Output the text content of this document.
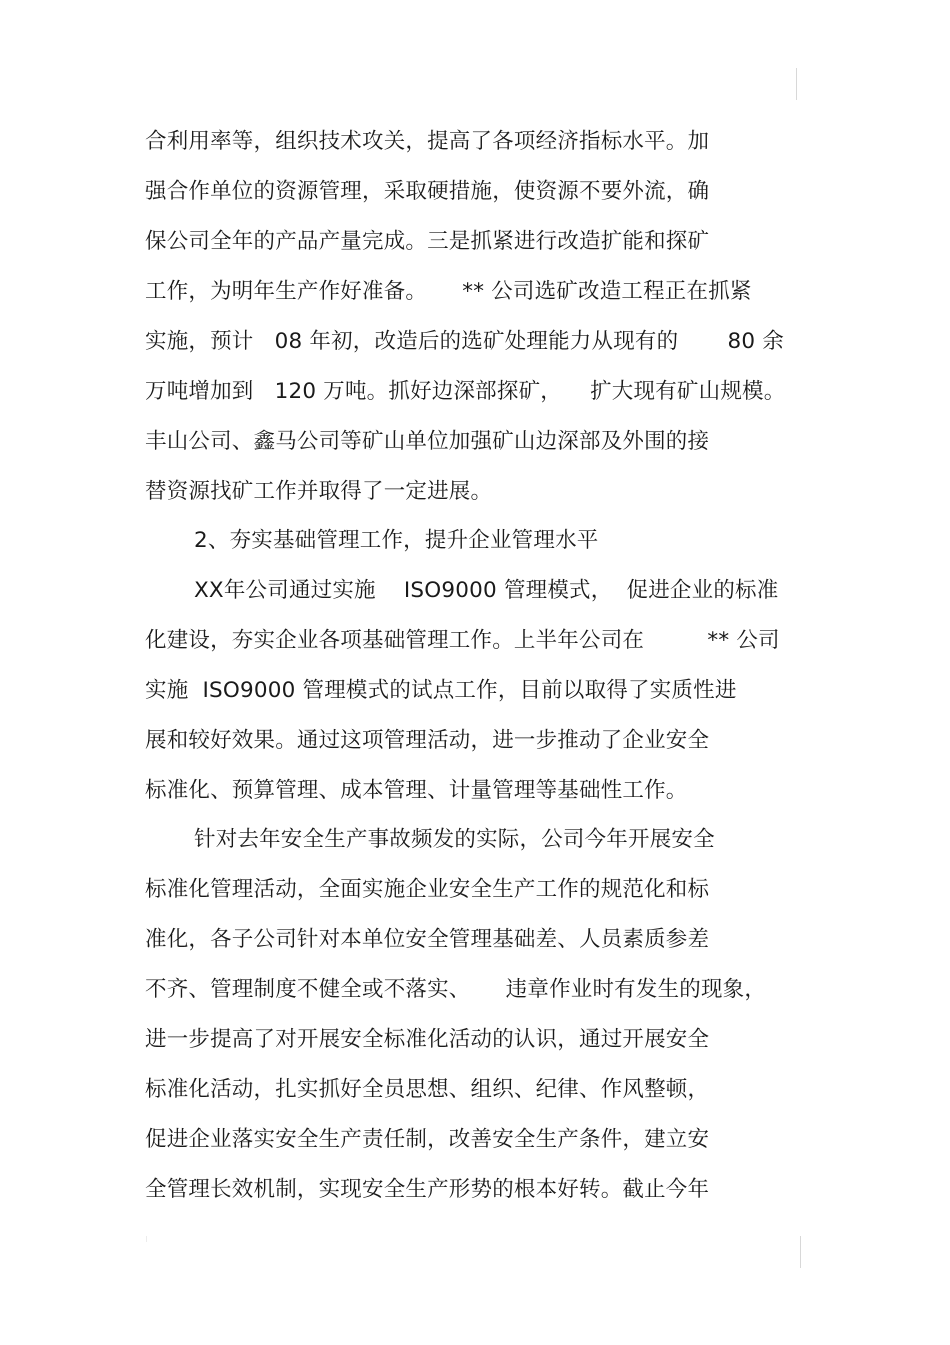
合利用率等，组织技术攻关，提高了各项经济指标水平。加
强合作单位的资源管理，采取硬措施，使资源不要外流，确
保公司全年的产品产量完成。三是抓紧进行改造扩能和探矿
工作，为明年生产作好准备。     ** 公司选矿改造工程正在抓紧
实施，预计   08 年初，改造后的选矿处理能力从现有的       80 余
万吨增加到   120 万吨。抓好边深部探矿，    扩大现有矿山规模。
丰山公司、鑫马公司等矿山单位加强矿山边深部及外围的接
替资源找矿工作并取得了一定进展。
2、夯实基础管理工作，提升企业管理水平
XX年公司通过实施    ISO9000 管理模式，  促进企业的标准
化建设，夯实企业各项基础管理工作。上半年公司在         ** 公司
实施  ISO9000 管理模式的试点工作，目前以取得了实质性进
展和较好效果。通过这项管理活动，进一步推动了企业安全
标准化、预算管理、成本管理、计量管理等基础性工作。
针对去年安全生产事故频发的实际，公司今年开展安全
标准化管理活动，全面实施企业安全生产工作的规范化和标
准化，各子公司针对本单位安全管理基础差、人员素质参差
不齐、管理制度不健全或不落实、     违章作业时有发生的现象，
进一步提高了对开展安全标准化活动的认识，通过开展安全
标准化活动，扎实抓好全员思想、组织、纪律、作风整顿，
促进企业落实安全生产责任制，改善安全生产条件，建立安
全管理长效机制，实现安全生产形势的根本好转。截止今年
